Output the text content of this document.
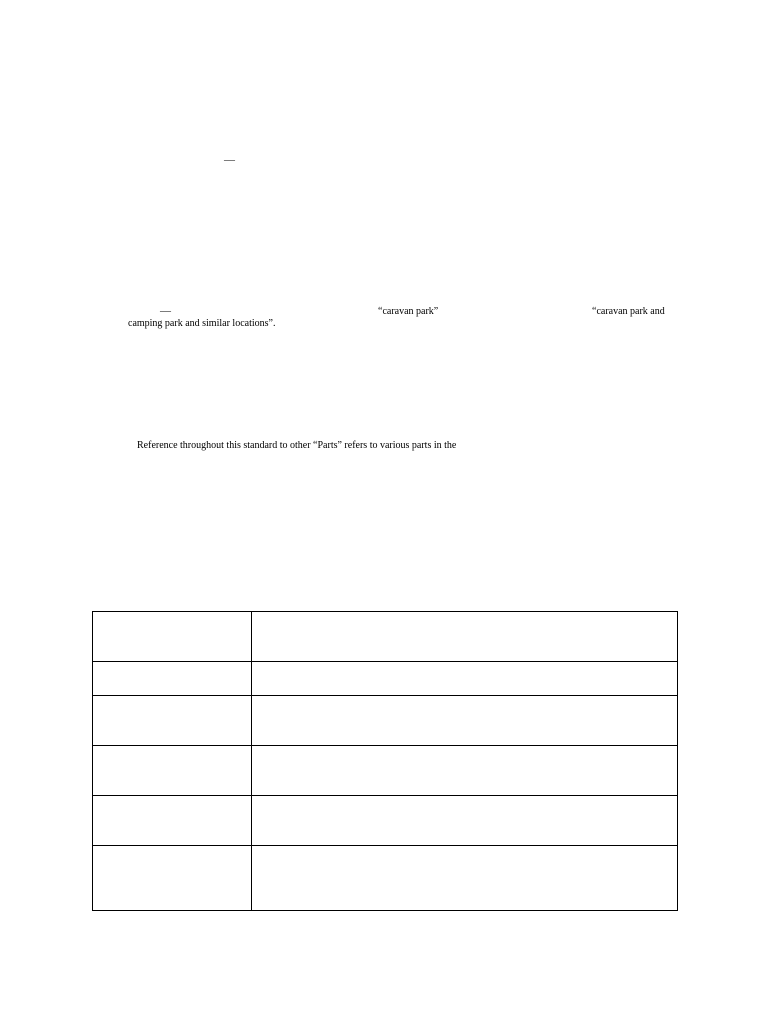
—
—	“caravan park”	“caravan park and
camping park and similar locations”.
Reference throughout this standard to other “Parts” refers to various parts in the
